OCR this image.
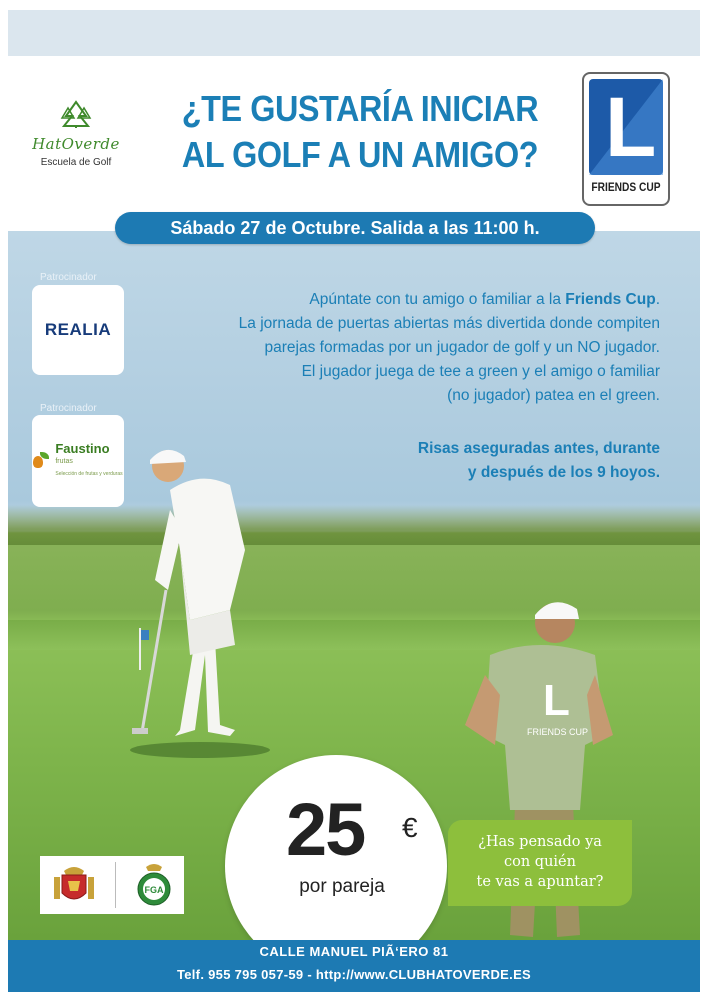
HatOverde
Escuela de Golf
¿TE GUSTARÍA INICIAR
AL GOLF A UN AMIGO? L
FRIENDS CUP
Sábado 27 de Octubre. Salida a las 11:00 h.
Patrocinador
REALIA
Patrocinador
Faustino
frutas
Selección de frutas y verduras
Apúntate con tu amigo o familiar a la Friends Cup.
La jornada de puertas abiertas más divertida donde compiten
parejas formadas por un jugador de golf y un NO jugador.
El jugador juega de tee a green y el amigo o familiar
(no jugador) patea en el green.
Risas aseguradas antes, durante
y después de los 9 hoyos.
L
FRIENDS CUP
25	€
por pareja
¿Has pensado ya
con quién
te vas a apuntar?
FGA
CALLE MANUEL PIÃ‘ERO 81
Telf. 955 795 057-59 - http://www.CLUBHATOVERDE.ES
